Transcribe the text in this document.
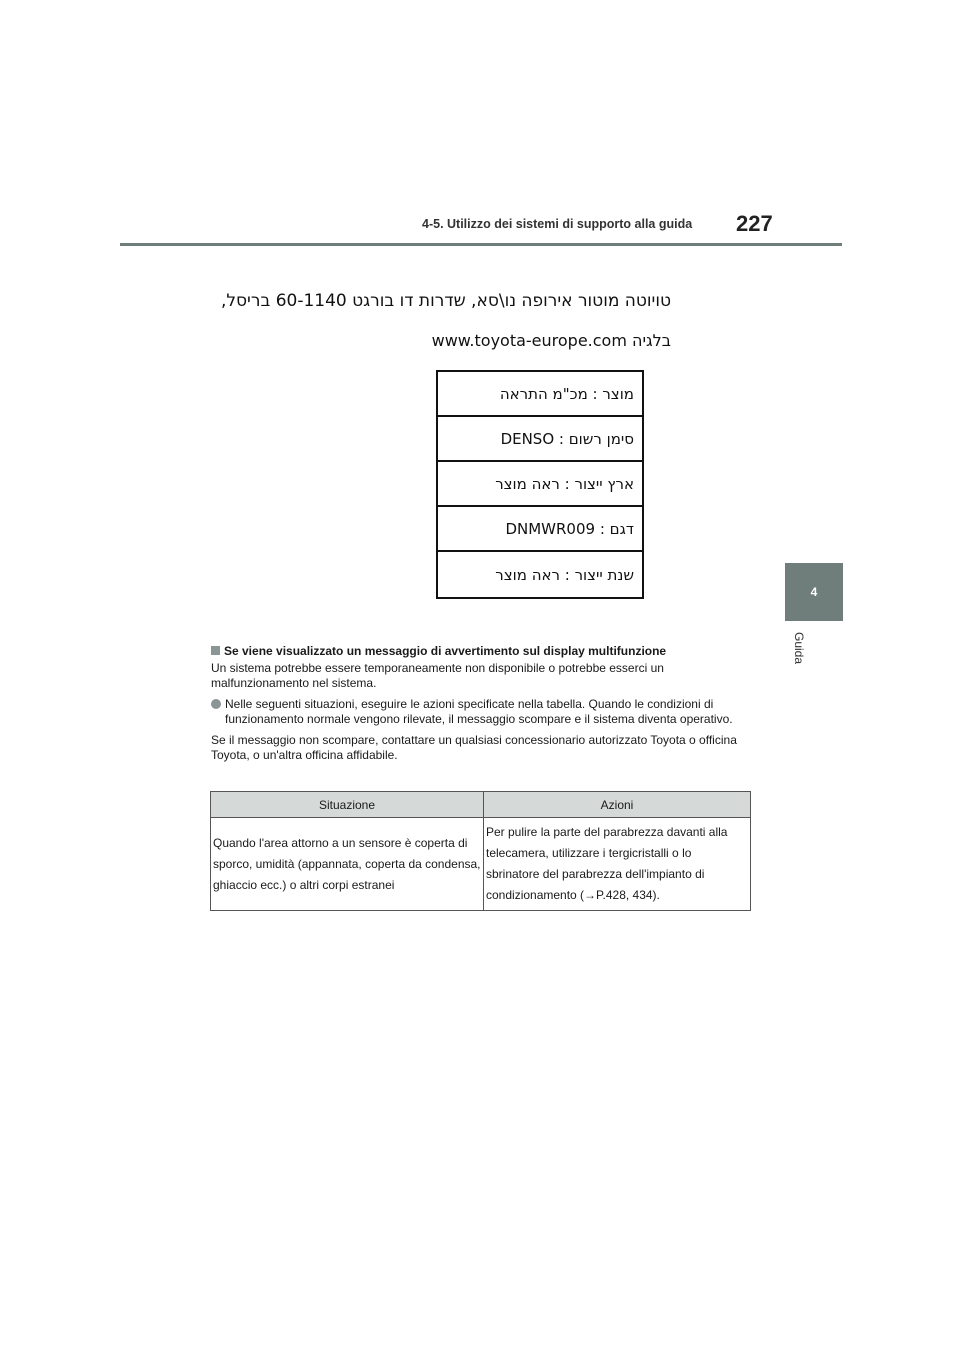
4-5. Utilizzo dei sistemi di supporto alla guida 227
4
Guida
טויוטה מוטור אירופה נו\סא, שדרות דו בורגט 60-1140 בריסל,
בלגיה www.toyota-europe.com
מוצר : מכ"מ התראה
סימן רשום : DENSO
ארץ ייצור : ראה מוצר
דגם : DNMWR009
שנת ייצור : ראה מוצר

Se viene visualizzato un messaggio di avvertimento sul display multifunzione

Un sistema potrebbe essere temporaneamente non disponibile o potrebbe esserci un malfunzionamento nel sistema.

Nelle seguenti situazioni, eseguire le azioni specificate nella tabella. Quando le condizioni di funzionamento normale vengono rilevate, il messaggio scompare e il sistema diventa operativo.

Se il messaggio non scompare, contattare un qualsiasi concessionario autorizzato Toyota o officina Toyota, o un'altra officina affidabile.

Situazione	Azioni
Quando l'area attorno a un sensore è coperta di sporco, umidità (appannata, coperta da condensa, ghiaccio ecc.) o altri corpi estranei	Per pulire la parte del parabrezza davanti alla telecamera, utilizzare i tergicristalli o lo sbrinatore del parabrezza dell'impianto di condizionamento (→P.428, 434).
